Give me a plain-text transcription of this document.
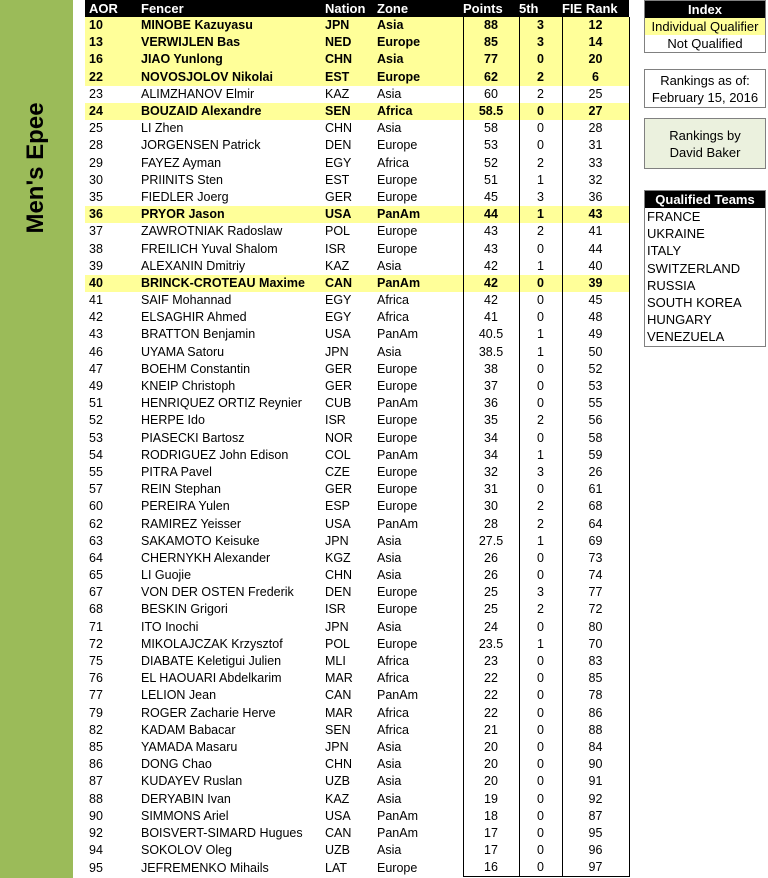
Men's Epee
AOR	Fencer	Nation	Zone	Points	5th	FIE Rank
10	MINOBE Kazuyasu	JPN	Asia	88	3	12
13	VERWIJLEN Bas	NED	Europe	85	3	14
16	JIAO Yunlong	CHN	Asia	77	0	20
22	NOVOSJOLOV Nikolai	EST	Europe	62	2	6
23	ALIMZHANOV Elmir	KAZ	Asia	60	2	25
24	BOUZAID Alexandre	SEN	Africa	58.5	0	27
25	LI Zhen	CHN	Asia	58	0	28
28	JORGENSEN Patrick	DEN	Europe	53	0	31
29	FAYEZ Ayman	EGY	Africa	52	2	33
30	PRIINITS Sten	EST	Europe	51	1	32
35	FIEDLER Joerg	GER	Europe	45	3	36
36	PRYOR Jason	USA	PanAm	44	1	43
37	ZAWROTNIAK Radoslaw	POL	Europe	43	2	41
38	FREILICH Yuval Shalom	ISR	Europe	43	0	44
39	ALEXANIN Dmitriy	KAZ	Asia	42	1	40
40	BRINCK-CROTEAU Maxime	CAN	PanAm	42	0	39
41	SAIF Mohannad	EGY	Africa	42	0	45
42	ELSAGHIR Ahmed	EGY	Africa	41	0	48
43	BRATTON Benjamin	USA	PanAm	40.5	1	49
46	UYAMA Satoru	JPN	Asia	38.5	1	50
47	BOEHM Constantin	GER	Europe	38	0	52
49	KNEIP Christoph	GER	Europe	37	0	53
51	HENRIQUEZ ORTIZ Reynier	CUB	PanAm	36	0	55
52	HERPE Ido	ISR	Europe	35	2	56
53	PIASECKI Bartosz	NOR	Europe	34	0	58
54	RODRIGUEZ John Edison	COL	PanAm	34	1	59
55	PITRA Pavel	CZE	Europe	32	3	26
57	REIN Stephan	GER	Europe	31	0	61
60	PEREIRA Yulen	ESP	Europe	30	2	68
62	RAMIREZ Yeisser	USA	PanAm	28	2	64
63	SAKAMOTO Keisuke	JPN	Asia	27.5	1	69
64	CHERNYKH Alexander	KGZ	Asia	26	0	73
65	LI Guojie	CHN	Asia	26	0	74
67	VON DER OSTEN Frederik	DEN	Europe	25	3	77
68	BESKIN Grigori	ISR	Europe	25	2	72
71	ITO Inochi	JPN	Asia	24	0	80
72	MIKOLAJCZAK Krzysztof	POL	Europe	23.5	1	70
75	DIABATE Keletigui Julien	MLI	Africa	23	0	83
76	EL HAOUARI Abdelkarim	MAR	Africa	22	0	85
77	LELION Jean	CAN	PanAm	22	0	78
79	ROGER Zacharie Herve	MAR	Africa	22	0	86
82	KADAM Babacar	SEN	Africa	21	0	88
85	YAMADA Masaru	JPN	Asia	20	0	84
86	DONG Chao	CHN	Asia	20	0	90
87	KUDAYEV Ruslan	UZB	Asia	20	0	91
88	DERYABIN Ivan	KAZ	Asia	19	0	92
90	SIMMONS Ariel	USA	PanAm	18	0	87
92	BOISVERT-SIMARD Hugues	CAN	PanAm	17	0	95
94	SOKOLOV Oleg	UZB	Asia	17	0	96
95	JEFREMENKO Mihails	LAT	Europe	16	0	97
Index
Individual Qualifier
Not Qualified
Rankings as of:
February 15, 2016
Rankings by
David Baker
Qualified Teams
FRANCE
UKRAINE
ITALY
SWITZERLAND
RUSSIA
SOUTH KOREA
HUNGARY
VENEZUELA
